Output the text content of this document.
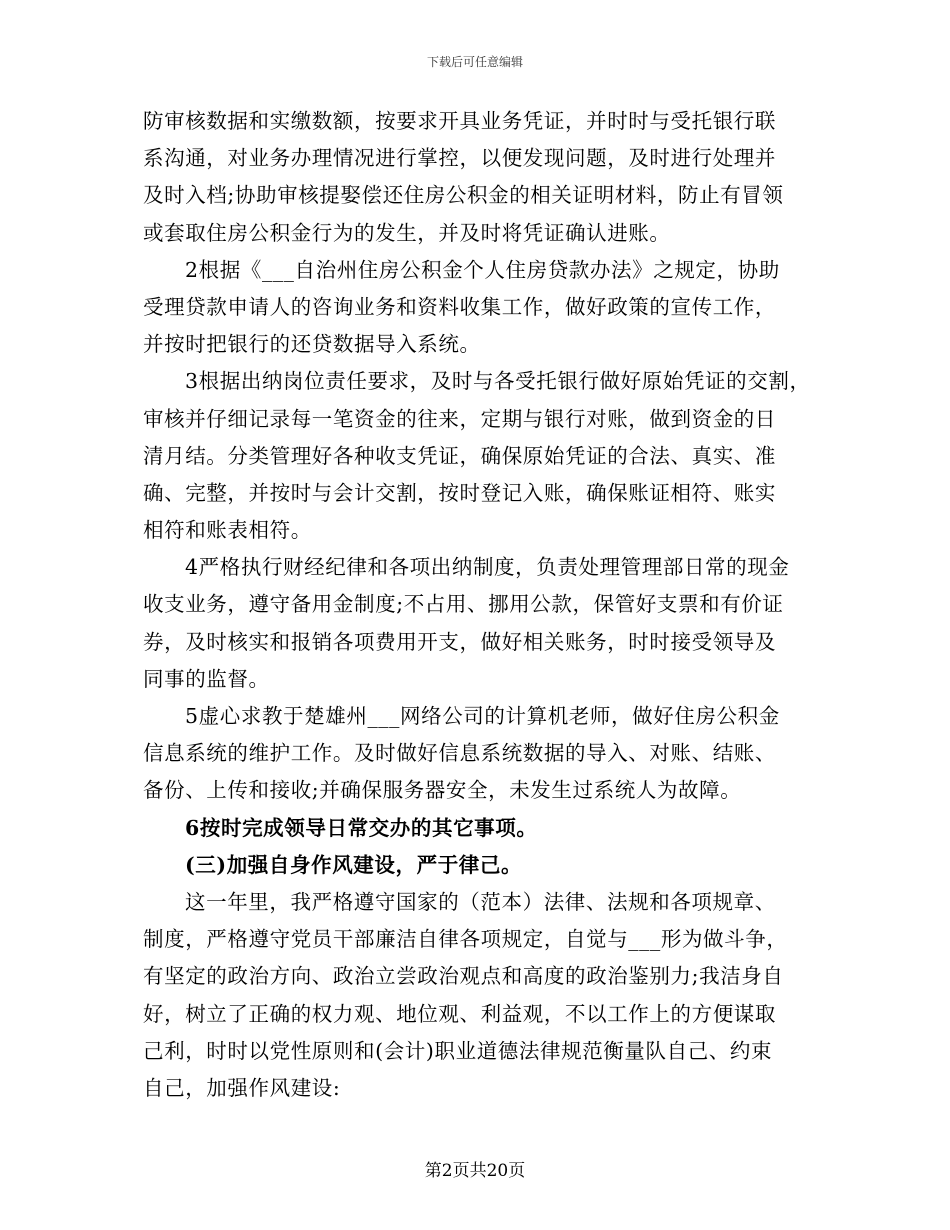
下载后可任意编辑
防审核数据和实缴数额，按要求开具业务凭证，并时时与受托银行联
系沟通，对业务办理情况进行掌控，以便发现问题，及时进行处理并
及时入档;协助审核提娶偿还住房公积金的相关证明材料，防止有冒领
或套取住房公积金行为的发生，并及时将凭证确认进账。
2根据《___自治州住房公积金个人住房贷款办法》之规定，协助
受理贷款申请人的咨询业务和资料收集工作，做好政策的宣传工作，
并按时把银行的还贷数据导入系统。
3根据出纳岗位责任要求，及时与各受托银行做好原始凭证的交割，
审核并仔细记录每一笔资金的往来，定期与银行对账，做到资金的日
清月结。分类管理好各种收支凭证，确保原始凭证的合法、真实、准
确、完整，并按时与会计交割，按时登记入账，确保账证相符、账实
相符和账表相符。
4严格执行财经纪律和各项出纳制度，负责处理管理部日常的现金
收支业务，遵守备用金制度;不占用、挪用公款，保管好支票和有价证
券，及时核实和报销各项费用开支，做好相关账务，时时接受领导及
同事的监督。
5虚心求教于楚雄州___网络公司的计算机老师，做好住房公积金
信息系统的维护工作。及时做好信息系统数据的导入、对账、结账、
备份、上传和接收;并确保服务器安全，未发生过系统人为故障。
6按时完成领导日常交办的其它事项。
(三)加强自身作风建设，严于律己。
这一年里，我严格遵守国家的（范本）法律、法规和各项规章、
制度，严格遵守党员干部廉洁自律各项规定，自觉与___形为做斗争，
有坚定的政治方向、政治立尝政治观点和高度的政治鉴别力;我洁身自
好，树立了正确的权力观、地位观、利益观，不以工作上的方便谋取
己利，时时以党性原则和(会计)职业道德法律规范衡量队自己、约束
自己，加强作风建设:
第2页共20页
